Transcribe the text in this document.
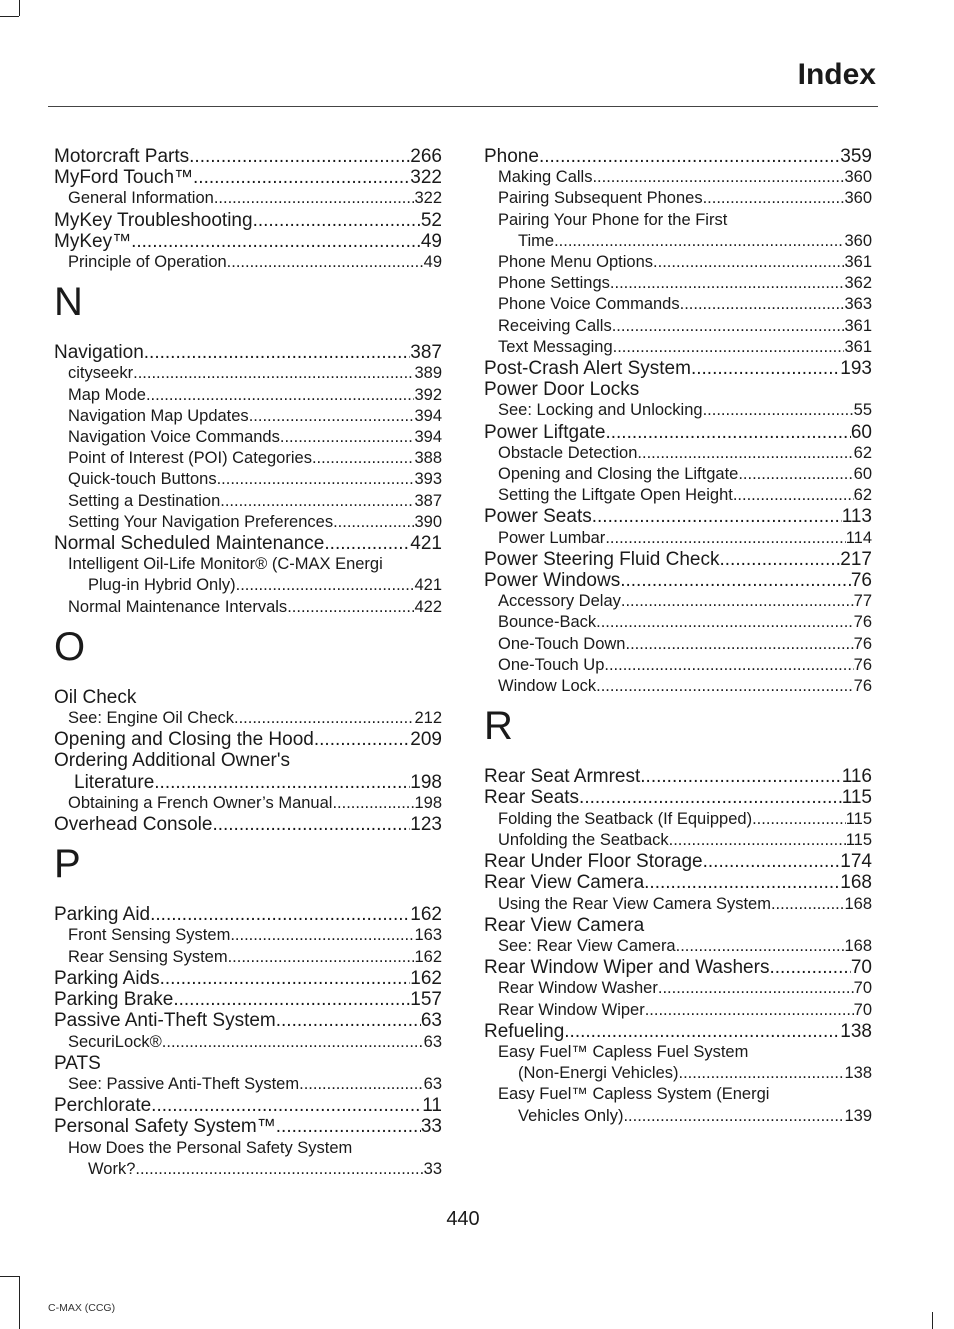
Index
Motorcraft Parts .....	266
MyFord Touch™ .....	322
General Information .....	322
MyKey Troubleshooting .....	52
MyKey™ .....	49
Principle of Operation .....	49
N
Navigation .....	387
cityseekr .....	389
Map Mode .....	392
Navigation Map Updates .....	394
Navigation Voice Commands .....	394
Point of Interest (POI) Categories .....	388
Quick-touch Buttons .....	393
Setting a Destination .....	387
Setting Your Navigation Preferences .....	390
Normal Scheduled Maintenance .....	421
Intelligent Oil-Life Monitor® (C-MAX Energi
Plug-in Hybrid Only) .....	421
Normal Maintenance Intervals .....	422
O
Oil Check
See: Engine Oil Check .....	212
Opening and Closing the Hood .....	209
Ordering Additional Owner's
Literature .....	198
Obtaining a French Owner’s Manual .....	198
Overhead Console .....	123
P
Parking Aid .....	162
Front Sensing System .....	163
Rear Sensing System .....	162
Parking Aids .....	162
Parking Brake .....	157
Passive Anti-Theft System .....	63
SecuriLock® .....	63
PATS
See: Passive Anti-Theft System .....	63
Perchlorate .....	11
Personal Safety System™ .....	33
How Does the Personal Safety System
Work? .....	33
Phone .....	359
Making Calls .....	360
Pairing Subsequent Phones .....	360
Pairing Your Phone for the First
Time .....	360
Phone Menu Options .....	361
Phone Settings .....	362
Phone Voice Commands .....	363
Receiving Calls .....	361
Text Messaging .....	361
Post-Crash Alert System .....	193
Power Door Locks
See: Locking and Unlocking .....	55
Power Liftgate .....	60
Obstacle Detection .....	62
Opening and Closing the Liftgate .....	60
Setting the Liftgate Open Height .....	62
Power Seats .....	113
Power Lumbar .....	114
Power Steering Fluid Check .....	217
Power Windows .....	76
Accessory Delay .....	77
Bounce-Back .....	76
One-Touch Down .....	76
One-Touch Up .....	76
Window Lock .....	76
R
Rear Seat Armrest .....	116
Rear Seats .....	115
Folding the Seatback (If Equipped) .....	115
Unfolding the Seatback .....	115
Rear Under Floor Storage .....	174
Rear View Camera .....	168
Using the Rear View Camera System .....	168
Rear View Camera
See: Rear View Camera .....	168
Rear Window Wiper and Washers .....	70
Rear Window Washer .....	70
Rear Window Wiper .....	70
Refueling .....	138
Easy Fuel™ Capless Fuel System
(Non-Energi Vehicles) .....	138
Easy Fuel™ Capless System (Energi
Vehicles Only) .....	139
440
C-MAX (CCG)
